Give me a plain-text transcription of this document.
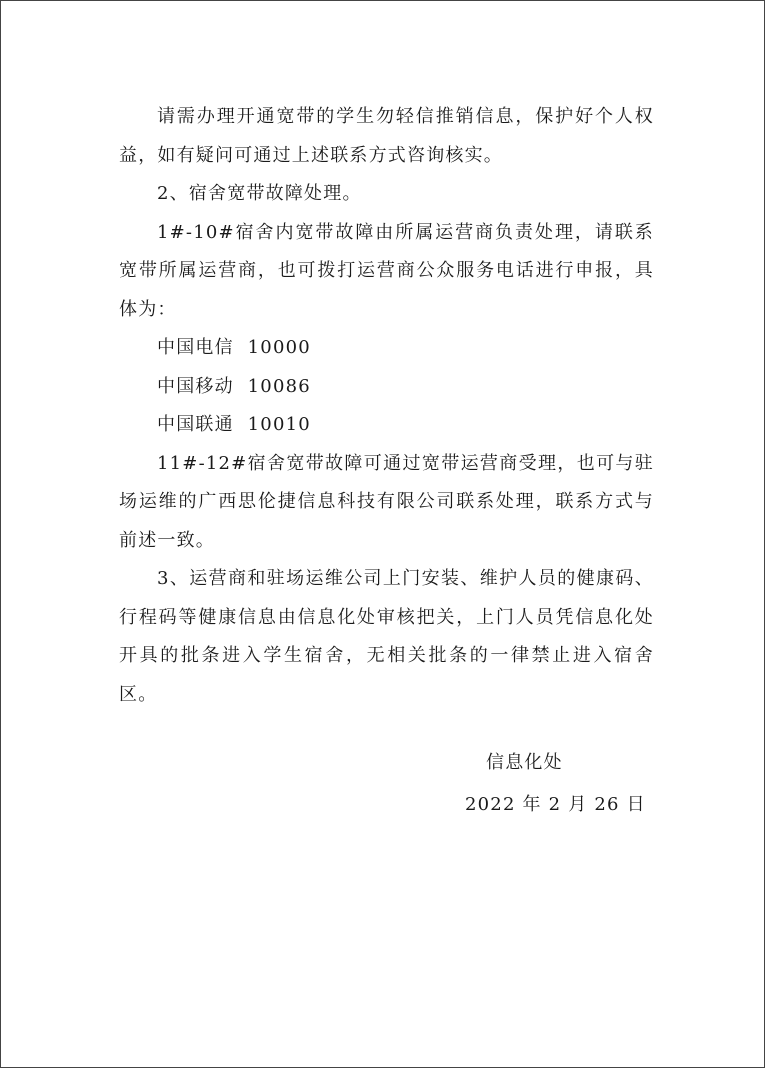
请需办理开通宽带的学生勿轻信推销信息，保护好个人权益，如有疑问可通过上述联系方式咨询核实。

2、宿舍宽带故障处理。

1#-10#宿舍内宽带故障由所属运营商负责处理，请联系宽带所属运营商，也可拨打运营商公众服务电话进行申报，具体为：

中国电信 10000

中国移动 10086

中国联通 10010

11#-12#宿舍宽带故障可通过宽带运营商受理，也可与驻场运维的广西思伦捷信息科技有限公司联系处理，联系方式与前述一致。

3、运营商和驻场运维公司上门安装、维护人员的健康码、行程码等健康信息由信息化处审核把关，上门人员凭信息化处开具的批条进入学生宿舍，无相关批条的一律禁止进入宿舍区。

信息化处
2022 年 2 月 26 日
